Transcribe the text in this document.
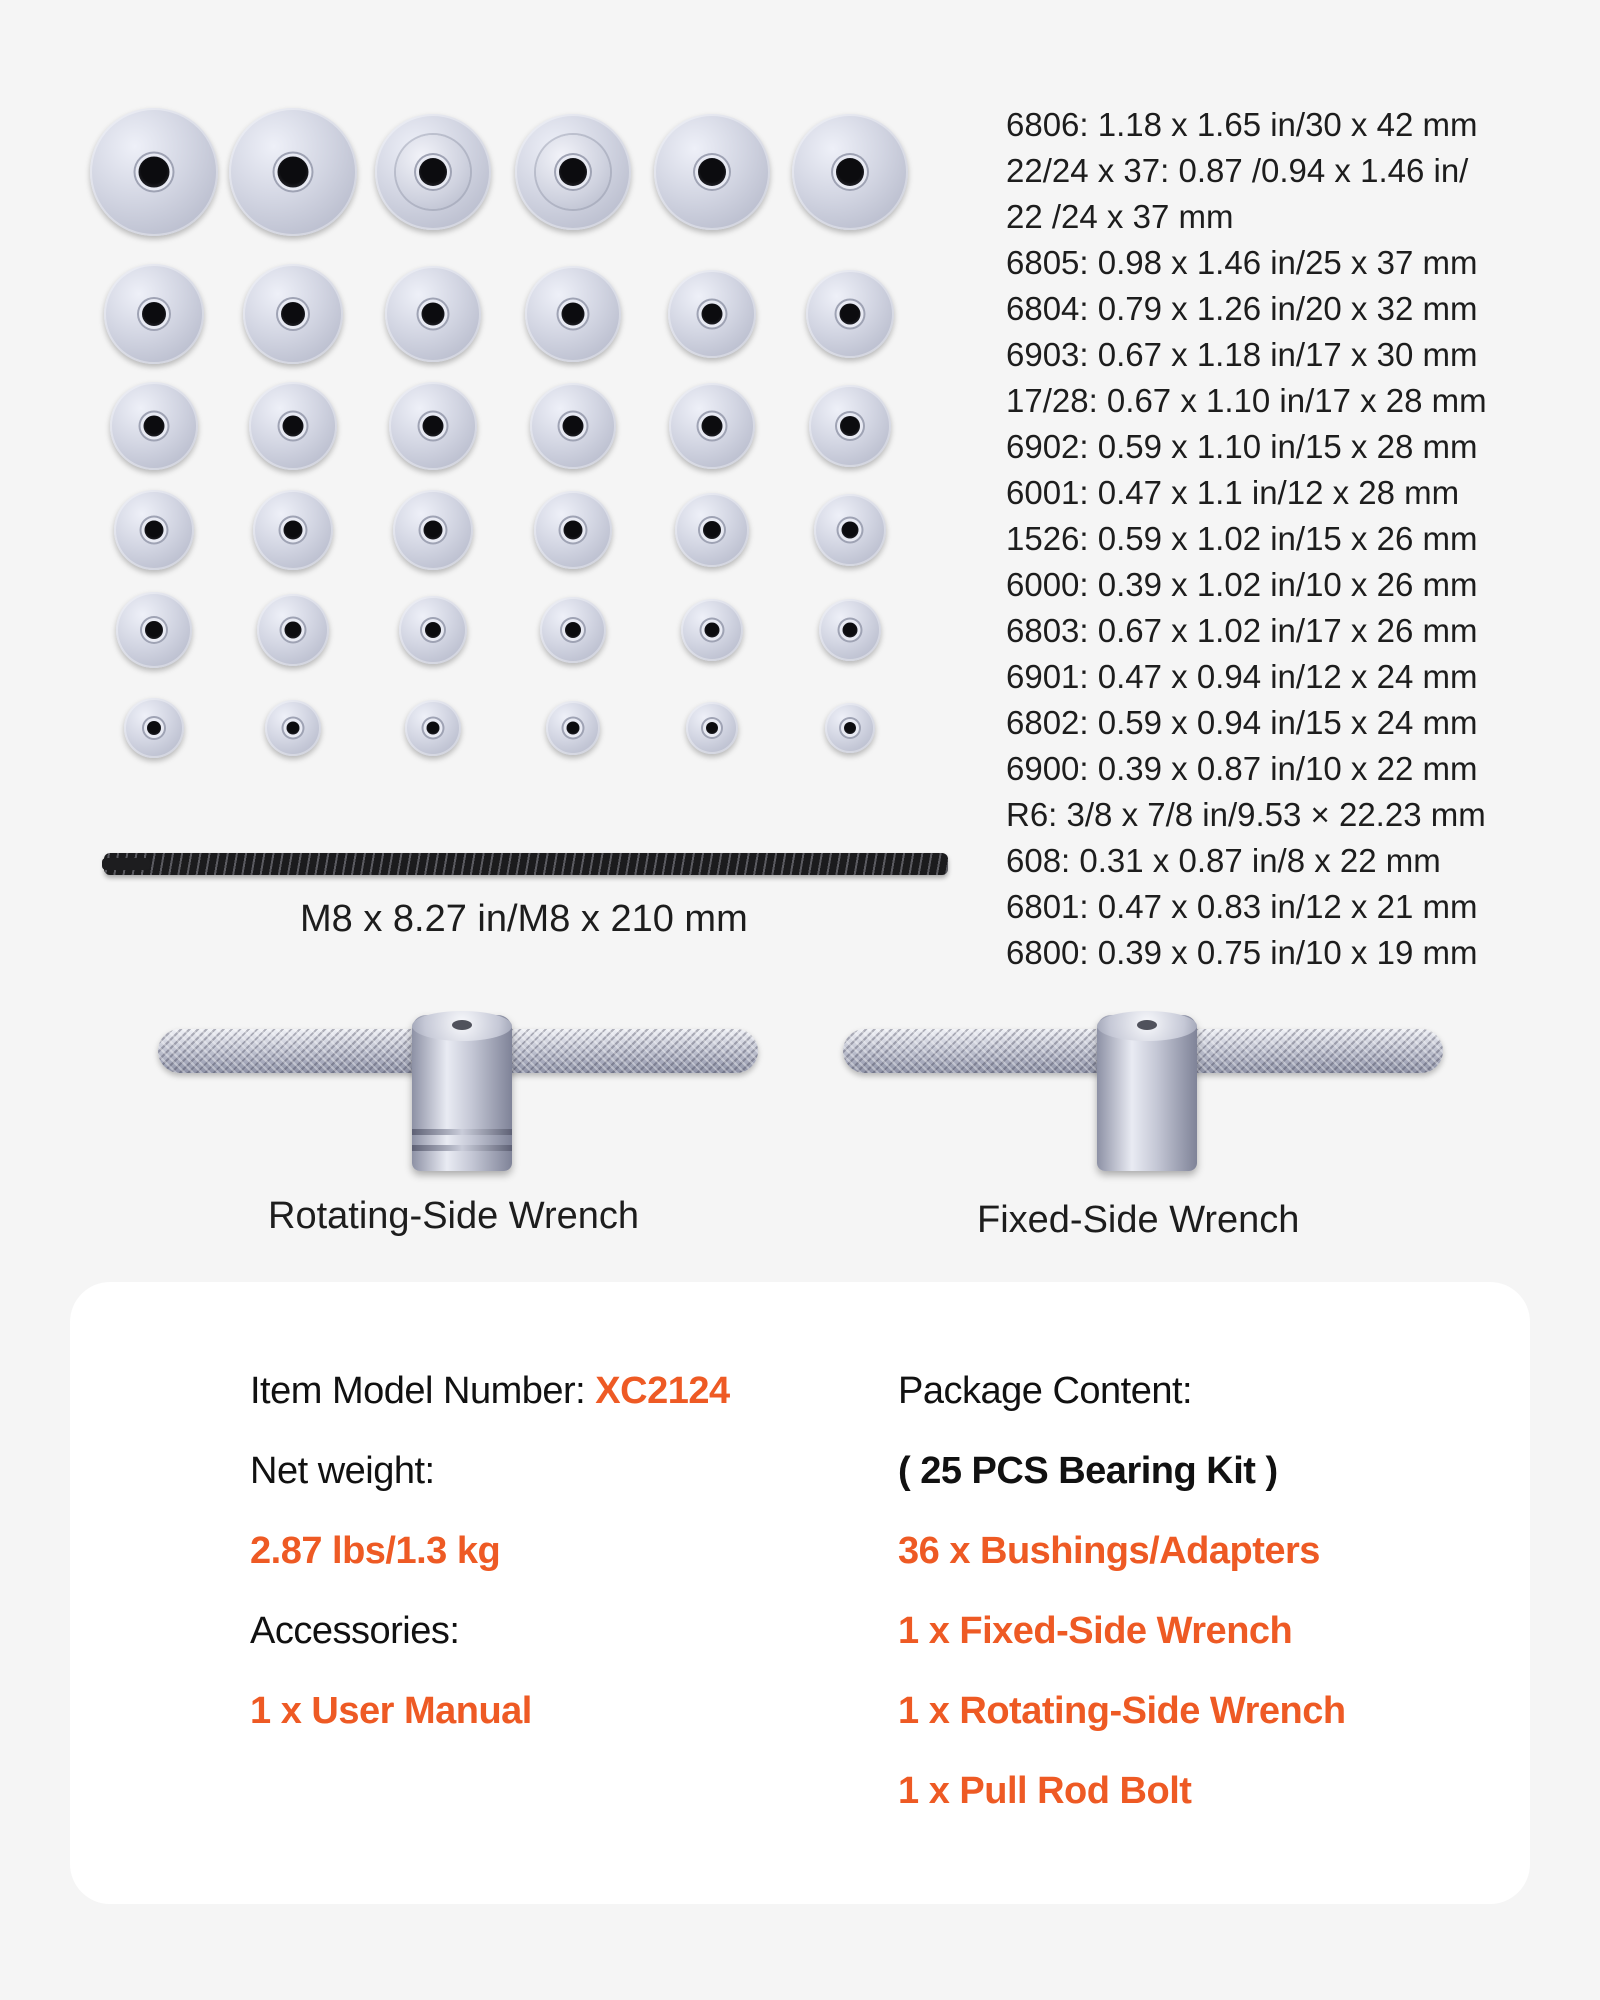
M8 x 8.27 in/M8 x 210 mm
6806: 1.18 x 1.65 in/30 x 42 mm
22/24 x 37: 0.87 /0.94 x 1.46 in/
22 /24 x 37 mm
6805: 0.98 x 1.46 in/25 x 37 mm
6804: 0.79 x 1.26 in/20 x 32 mm
6903: 0.67 x 1.18 in/17 x 30 mm
17/28: 0.67 x 1.10 in/17 x 28 mm
6902: 0.59 x 1.10 in/15 x 28 mm
6001: 0.47 x 1.1 in/12 x 28 mm
1526: 0.59 x 1.02 in/15 x 26 mm
6000: 0.39 x 1.02 in/10 x 26 mm
6803: 0.67 x 1.02 in/17 x 26 mm
6901: 0.47 x 0.94 in/12 x 24 mm
6802: 0.59 x 0.94 in/15 x 24 mm
6900: 0.39 x 0.87 in/10 x 22 mm
R6: 3/8 x 7/8 in/9.53 × 22.23 mm
608: 0.31 x 0.87 in/8 x 22 mm
6801: 0.47 x 0.83 in/12 x 21 mm
6800: 0.39 x 0.75 in/10 x 19 mm
Rotating-Side Wrench	Fixed-Side Wrench
Item Model Number: XC2124
Net weight:
2.87 lbs/1.3 kg
Accessories:
1 x User Manual
Package Content:
( 25 PCS Bearing Kit )
36 x Bushings/Adapters
1 x Fixed-Side Wrench
1 x Rotating-Side Wrench
1 x Pull Rod Bolt
